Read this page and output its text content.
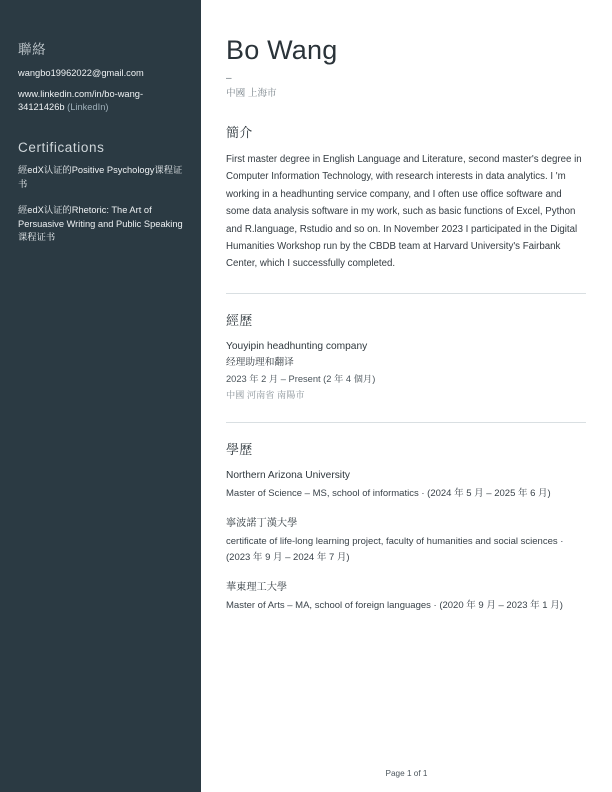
聯絡
wangbo19962022@gmail.com
www.linkedin.com/in/bo-wang-34121426b (LinkedIn)
Certifications
經edX认证的Positive Psychology课程证书
經edX认证的Rhetoric: The Art of Persuasive Writing and Public Speaking课程证书
Bo Wang
–
中國 上海市
簡介

First master degree in English Language and Literature, second master's degree in Computer Information Technology, with research interests in data analytics. I 'm working in a headhunting service company, and I often use office software and some data analysis software in my work, such as basic functions of Excel, Python and R.language, Rstudio and so on. In November 2023 I participated in the Digital Humanities Workshop run by the CBDB team at Harvard University's Fairbank Center, which I successfully completed.

經歷
Youyipin headhunting company
经理助理和翻译
2023 年 2 月 – Present (2 年 4 個月)
中國 河南省 南陽市
學歷
Northern Arizona University
Master of Science – MS, school of informatics · (2024 年 5 月 – 2025 年 6 月)
寧波諾丁漢大學
certificate of life-long learning project, faculty of humanities and social sciences · (2023 年 9 月 – 2024 年 7 月)
華東理工大學
Master of Arts – MA, school of foreign languages · (2020 年 9 月 – 2023 年 1 月)
Page 1 of 1
